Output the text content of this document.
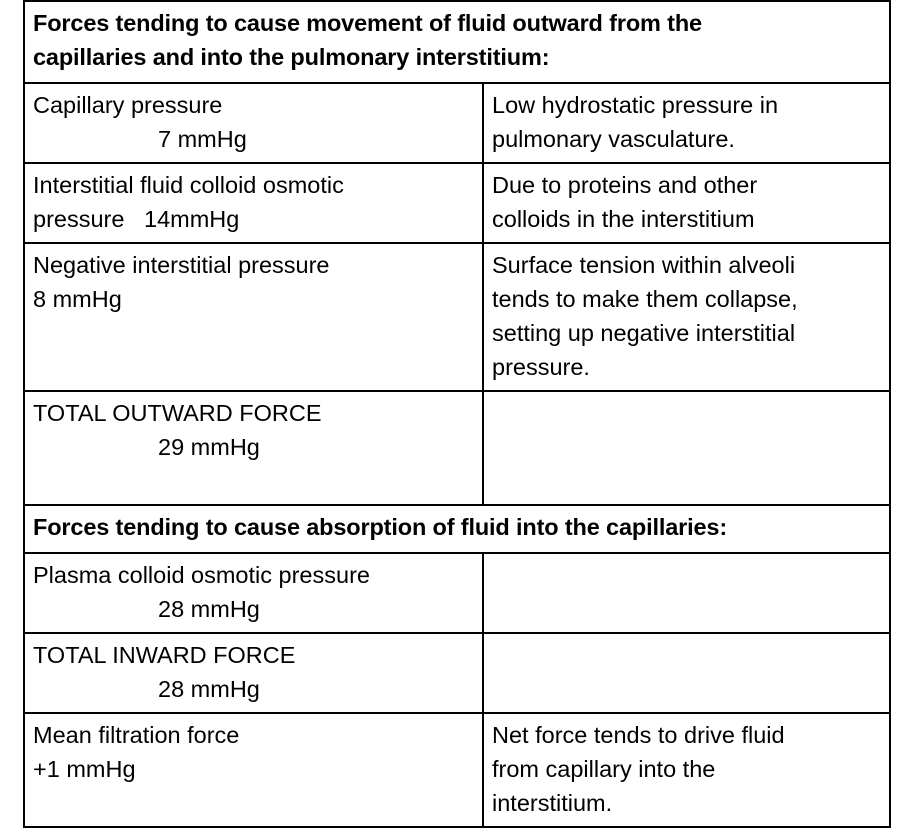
Forces tending to cause movement of fluid outward from the
capillaries and into the pulmonary interstitium:	

Capillary pressure
7 mmHg	Low hydrostatic pressure in
pulmonary vasculature.

Interstitial fluid colloid osmotic
pressure   14mmHg	Due to proteins and other
colloids in the interstitium

Negative interstitial pressure
8 mmHg	Surface tension within alveoli
tends to make them collapse,
setting up negative interstitial
pressure.

TOTAL OUTWARD FORCE
29 mmHg	

Forces tending to cause absorption of fluid into the capillaries:	

Plasma colloid osmotic pressure
28 mmHg	

TOTAL INWARD FORCE
28 mmHg	

Mean filtration force
+1 mmHg	Net force tends to drive fluid
from capillary into the
interstitium.
